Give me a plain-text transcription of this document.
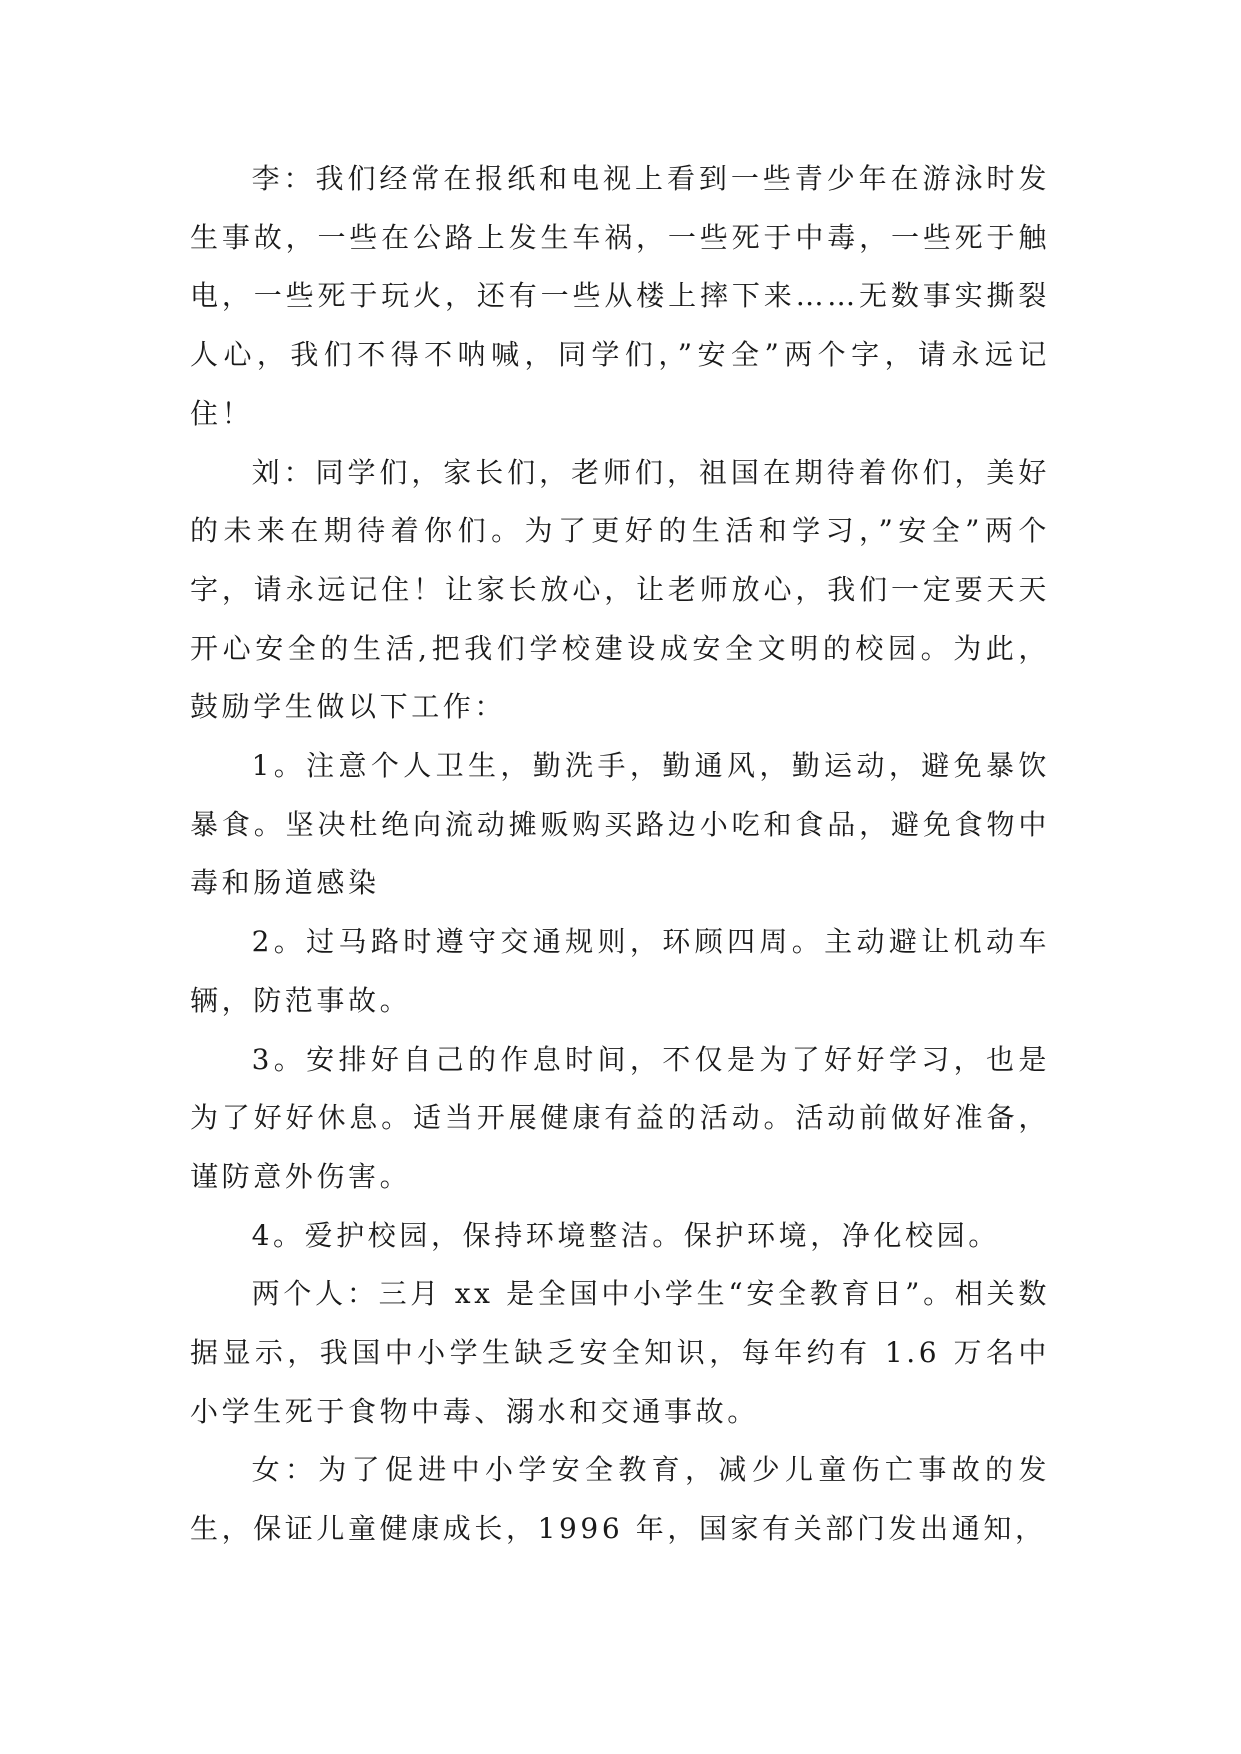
李：我们经常在报纸和电视上看到一些青少年在游泳时发生事故，一些在公路上发生车祸，一些死于中毒，一些死于触电，一些死于玩火，还有一些从楼上摔下来……无数事实撕裂人心，我们不得不呐喊，同学们，”安全”两个字，请永远记住！

刘：同学们，家长们，老师们，祖国在期待着你们，美好的未来在期待着你们。为了更好的生活和学习，”安全”两个字，请永远记住！让家长放心，让老师放心，我们一定要天天开心安全的生活,把我们学校建设成安全文明的校园。为此，鼓励学生做以下工作：

1。注意个人卫生，勤洗手，勤通风，勤运动，避免暴饮暴食。坚决杜绝向流动摊贩购买路边小吃和食品，避免食物中毒和肠道感染

2。过马路时遵守交通规则，环顾四周。主动避让机动车辆，防范事故。

3。安排好自己的作息时间，不仅是为了好好学习，也是为了好好休息。适当开展健康有益的活动。活动前做好准备，谨防意外伤害。

4。爱护校园，保持环境整洁。保护环境，净化校园。

两个人：三月 xx 是全国中小学生“安全教育日”。相关数据显示，我国中小学生缺乏安全知识，每年约有 1.6 万名中小学生死于食物中毒、溺水和交通事故。

女：为了促进中小学安全教育，减少儿童伤亡事故的发生，保证儿童健康成长，1996 年，国家有关部门发出通知，
